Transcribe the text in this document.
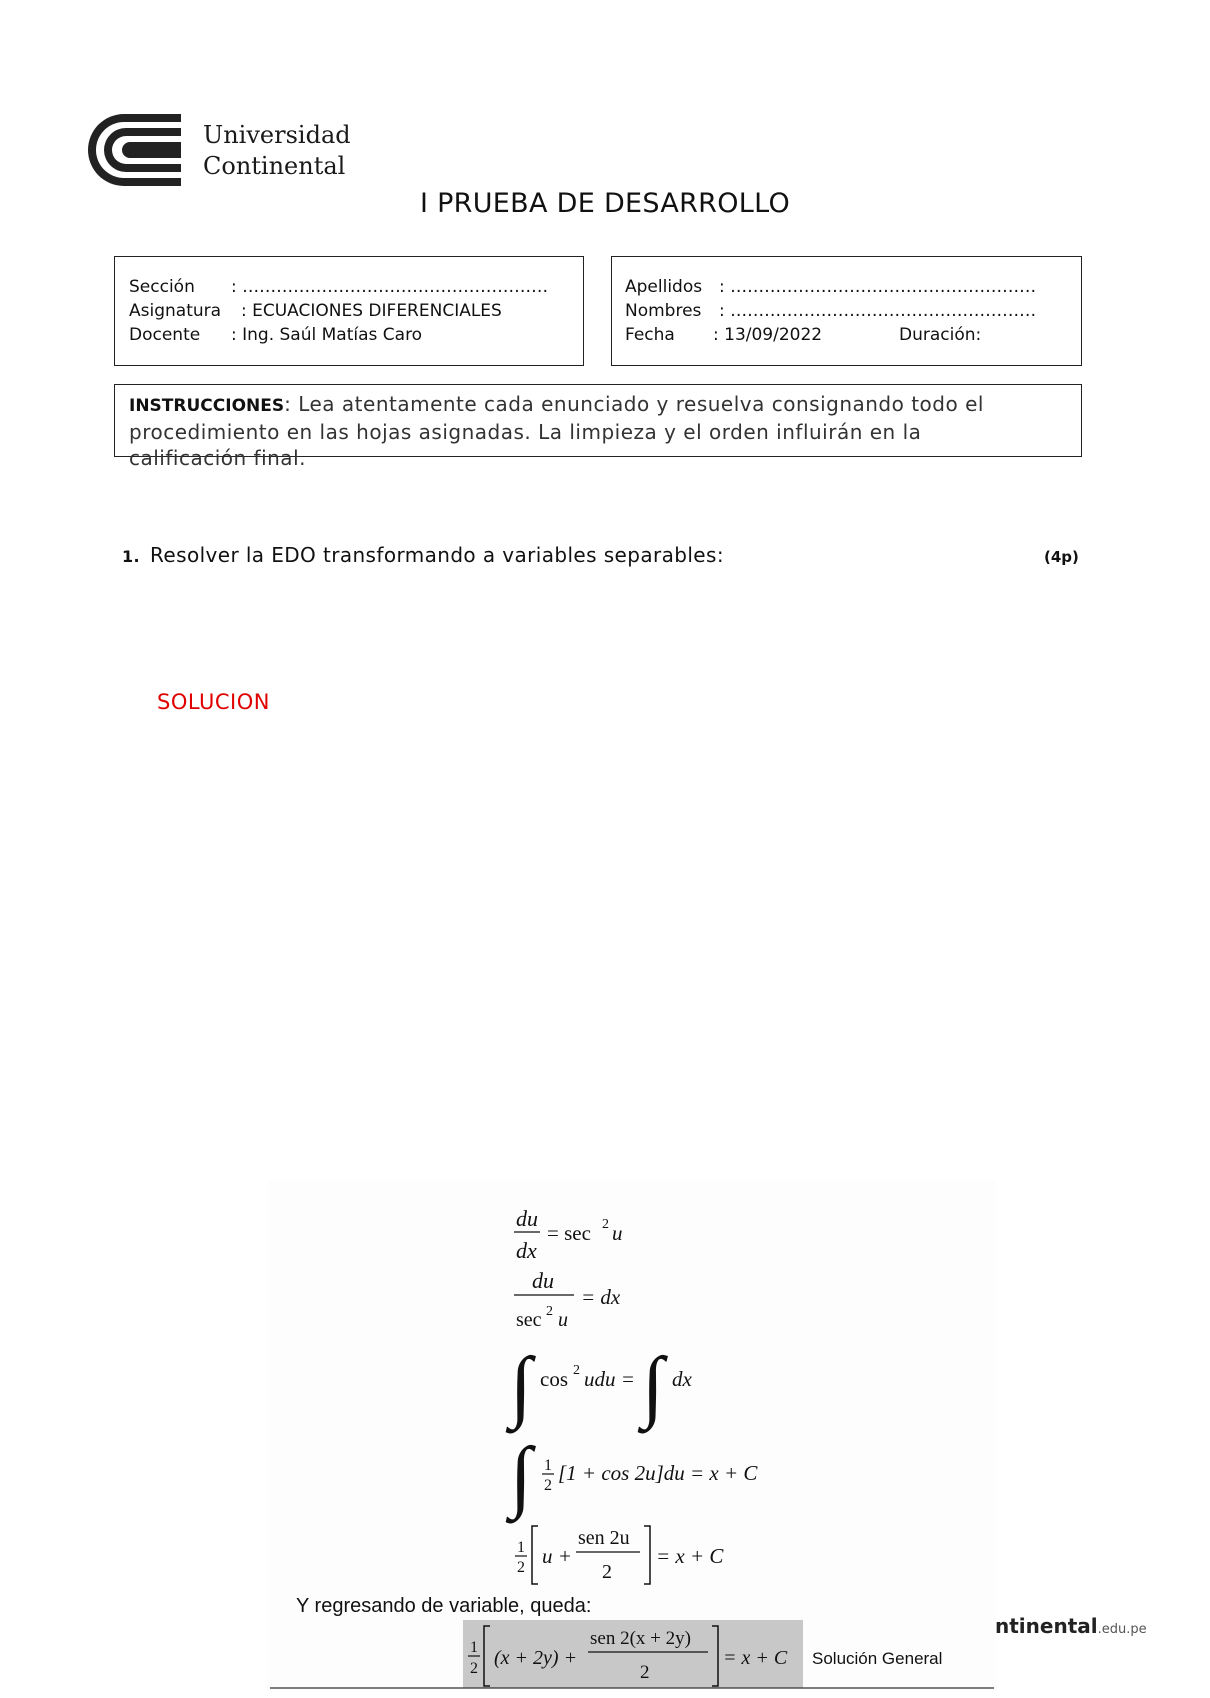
Universidad
Continental
I PRUEBA DE DESARROLLO
Sección : ………………………………………………
Asignatura : ECUACIONES DIFERENCIALES
Docente : Ing. Saúl Matías Caro
Apellidos : ………………………………………………
Nombres : ………………………………………………
Fecha : 13/09/2022	Duración:
INSTRUCCIONES: Lea atentamente cada enunciado y resuelva consignando todo el procedimiento en las hojas asignadas. La limpieza y el orden influirán en la calificación final.
1. Resolver la EDO transformando a variables separables:	(4p)
SOLUCION
du
dx
= sec 2 u
du
sec 2 u
= dx
∫ cos 2 udu = ∫ dx
∫ 1
2
[1 + cos 2u]du = x + C
1
2 u +
sen 2u
2
= x + C
Y regresando de variable, queda:
1
2 (x + 2y) +
sen 2(x + 2y)
2
= x + C Solución General
ntinental.edu.pe
